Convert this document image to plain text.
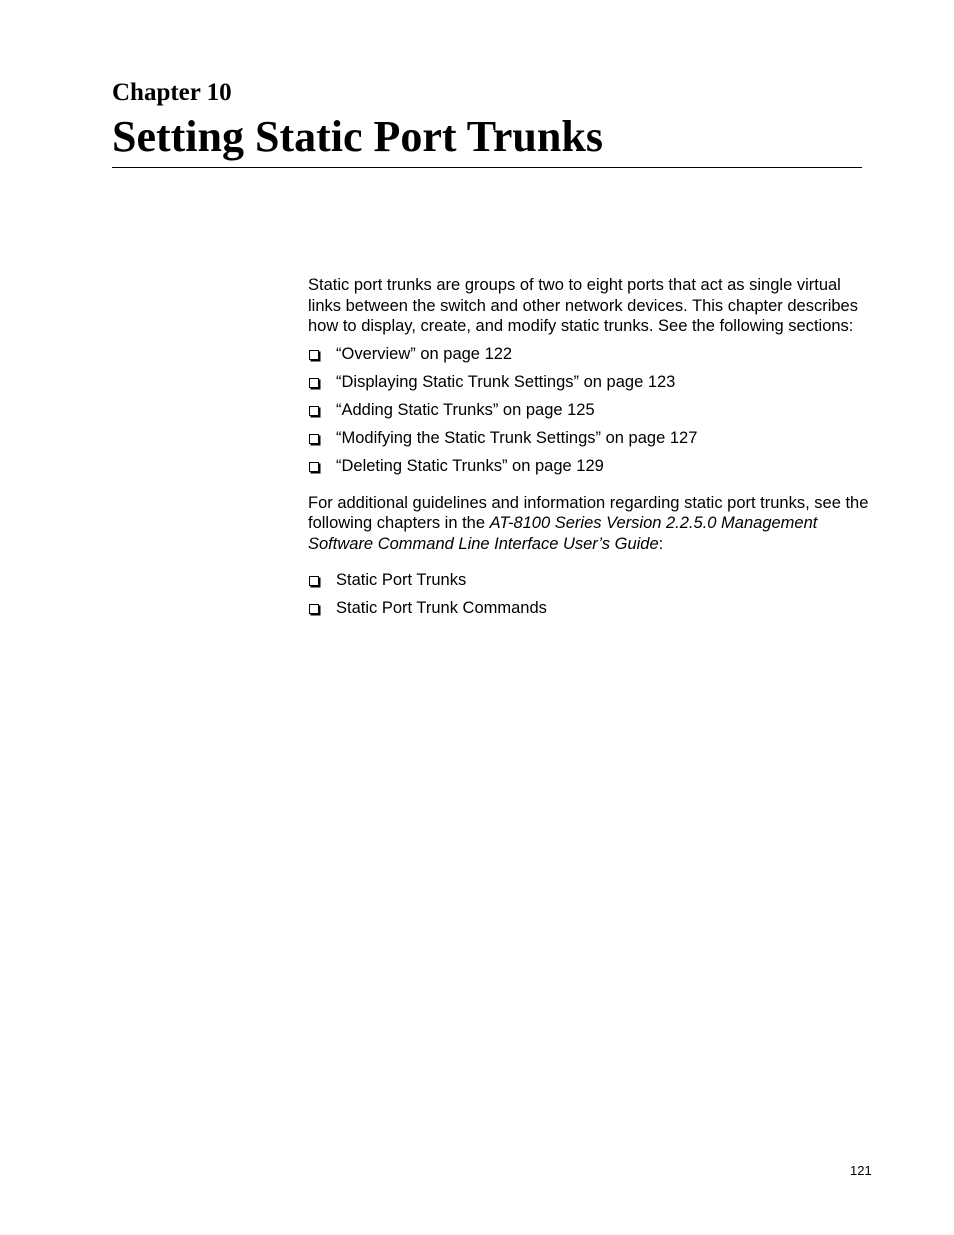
Chapter 10
Setting Static Port Trunks

Static port trunks are groups of two to eight ports that act as single virtual links between the switch and other network devices. This chapter describes how to display, create, and modify static trunks. See the following sections:

“Overview” on page 122
“Displaying Static Trunk Settings” on page 123
“Adding Static Trunks” on page 125
“Modifying the Static Trunk Settings” on page 127
“Deleting Static Trunks” on page 129

For additional guidelines and information regarding static port trunks, see the following chapters in the AT-8100 Series Version 2.2.5.0 Management Software Command Line Interface User’s Guide:

Static Port Trunks
Static Port Trunk Commands
121
